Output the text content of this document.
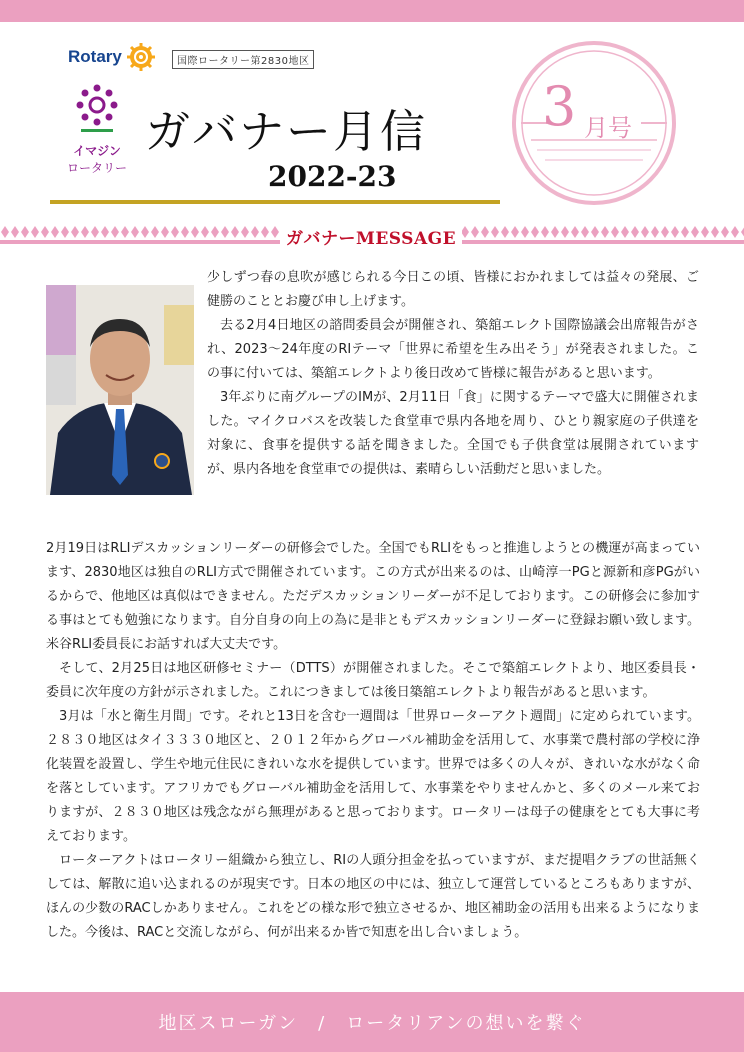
Rotary	国際ロータリー第2830地区
イマジン
ロータリー
ガバナー月信
2022-23
3 月号
ガバナーMESSAGE

少しずつ春の息吹が感じられる今日この頃、皆様におかれましては益々の発展、ご健勝のこととお慶び申し上げます。

去る2月4日地区の諮問委員会が開催され、築舘エレクト国際協議会出席報告がされ、2023～24年度のRIテーマ「世界に希望を生み出そう」が発表されました。この事に付いては、築舘エレクトより後日改めて皆様に報告があると思います。

3年ぶりに南グループのIMが、2月11日「食」に関するテーマで盛大に開催されました。マイクロバスを改装した食堂車で県内各地を周り、ひとり親家庭の子供達を対象に、食事を提供する話を聞きました。全国でも子供食堂は展開されていますが、県内各地を食堂車での提供は、素晴らしい活動だと思いました。

2月19日はRLIデスカッションリーダーの研修会でした。全国でもRLIをもっと推進しようとの機運が高まっています、2830地区は独自のRLI方式で開催されています。この方式が出来るのは、山崎淳一PGと源新和彦PGがいるからで、他地区は真似はできません。ただデスカッションリーダーが不足しております。この研修会に参加する事はとても勉強になります。自分自身の向上の為に是非ともデスカッションリーダーに登録お願い致します。米谷RLI委員長にお話すれば大丈夫です。

そして、2月25日は地区研修セミナー（DTTS）が開催されました。そこで築舘エレクトより、地区委員長・委員に次年度の方針が示されました。これにつきましては後日築舘エレクトより報告があると思います。

3月は「水と衛生月間」です。それと13日を含む一週間は「世界ローターアクト週間」に定められています。２８３０地区はタイ３３３０地区と、２０１２年からグローバル補助金を活用して、水事業で農村部の学校に浄化装置を設置し、学生や地元住民にきれいな水を提供しています。世界では多くの人々が、きれいな水がなく命を落としています。アフリカでもグローバル補助金を活用して、水事業をやりませんかと、多くのメール来ておりますが、２８３０地区は残念ながら無理があると思っております。ロータリーは母子の健康をとても大事に考えております。

ローターアクトはロータリー組織から独立し、RIの人頭分担金を払っていますが、まだ提唱クラブの世話無くしては、解散に追い込まれるのが現実です。日本の地区の中には、独立して運営しているところもありますが、ほんの少数のRACしかありません。これをどの様な形で独立させるか、地区補助金の活用も出来るようになりました。今後は、RACと交流しながら、何が出来るか皆で知恵を出し合いましょう。

地区スローガン　/　ロータリアンの想いを繋ぐ
